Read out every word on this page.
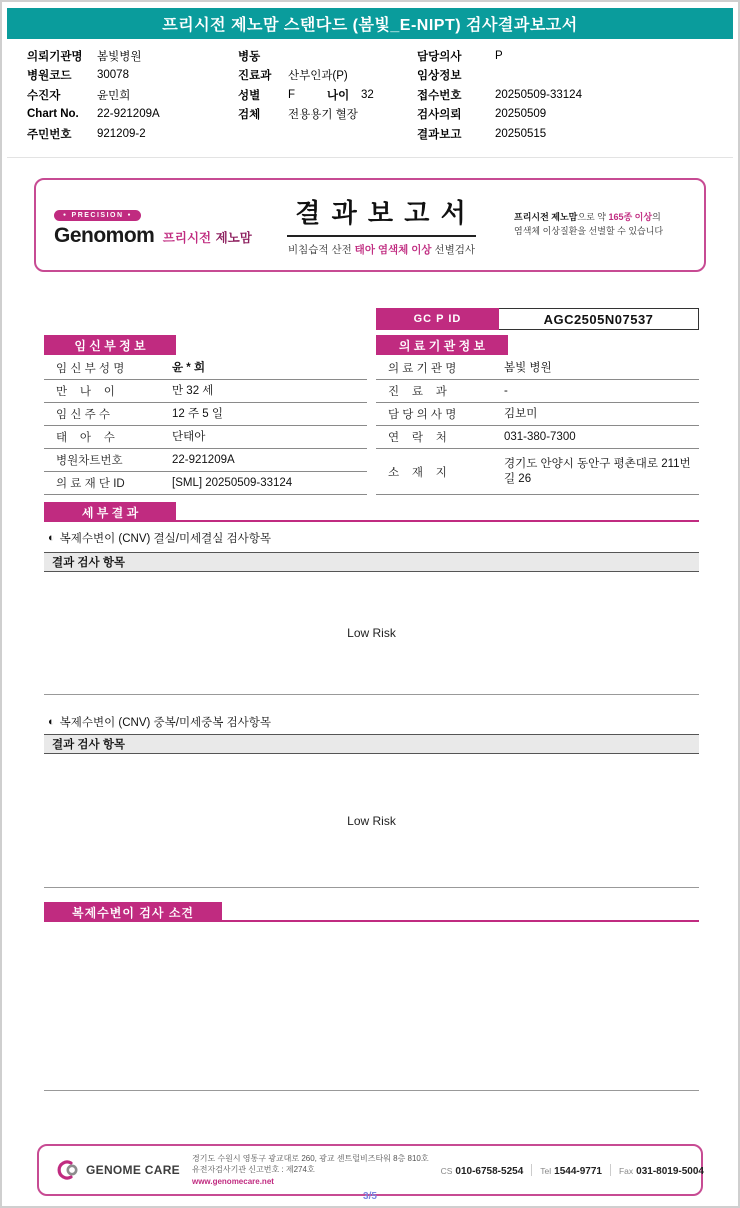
프리시전 제노맘 스탠다드 (봄빛_E-NIPT) 검사결과보고서
의뢰기관명	봄빛병원
병원코드	30078
수진자	윤민희
Chart No.	22-921209A
주민번호	921209-2
병동
진료과	산부인과(P)
성별	F	나이	32
검체	전용용기 혈장
담당의사	P
임상정보
접수번호	20250509-33124
검사의뢰	20250509
결과보고	20250515
● PRECISION ●
Genomom 프리시전 제노맘
결 과 보 고 서
비침습적 산전 태아 염색체 이상 선별검사
프리시전 제노맘으로 약 165종 이상의
염색체 이상질환을 선별할 수 있습니다
GC P ID	AGC2505N07537
임 신 부 정 보
임 신 부 성 명	윤 * 희
만    나    이	만 32 세
임 신 주 수	12 주 5 일
태    아    수	단태아
병원차트번호	22-921209A
의 료 재 단 ID	[SML] 20250509-33124
의 료 기 관 정 보
의 료 기 관 명	봄빛 병원
진    료    과	-
담 당 의 사 명	김보미
연    락    처	031-380-7300
소    재    지
경기도 안양시 동안구 평촌대로 211번길 26
세 부 결 과
◐ 복제수변이 (CNV) 결실/미세결실 검사항목
결과 검사 항목
Low Risk
◐ 복제수변이 (CNV) 중복/미세중복 검사항목
결과 검사 항목
Low Risk
복제수변이 검사 소견
GENOME CARE
경기도 수원시 영통구 광교대로 260, 광교 센트럴비즈타워 8층 810호
유전자검사기관 신고번호 : 제274호
www.genomecare.net
CS 010-6758-5254 Tel 1544-9771 Fax 031-8019-5004
3/5
